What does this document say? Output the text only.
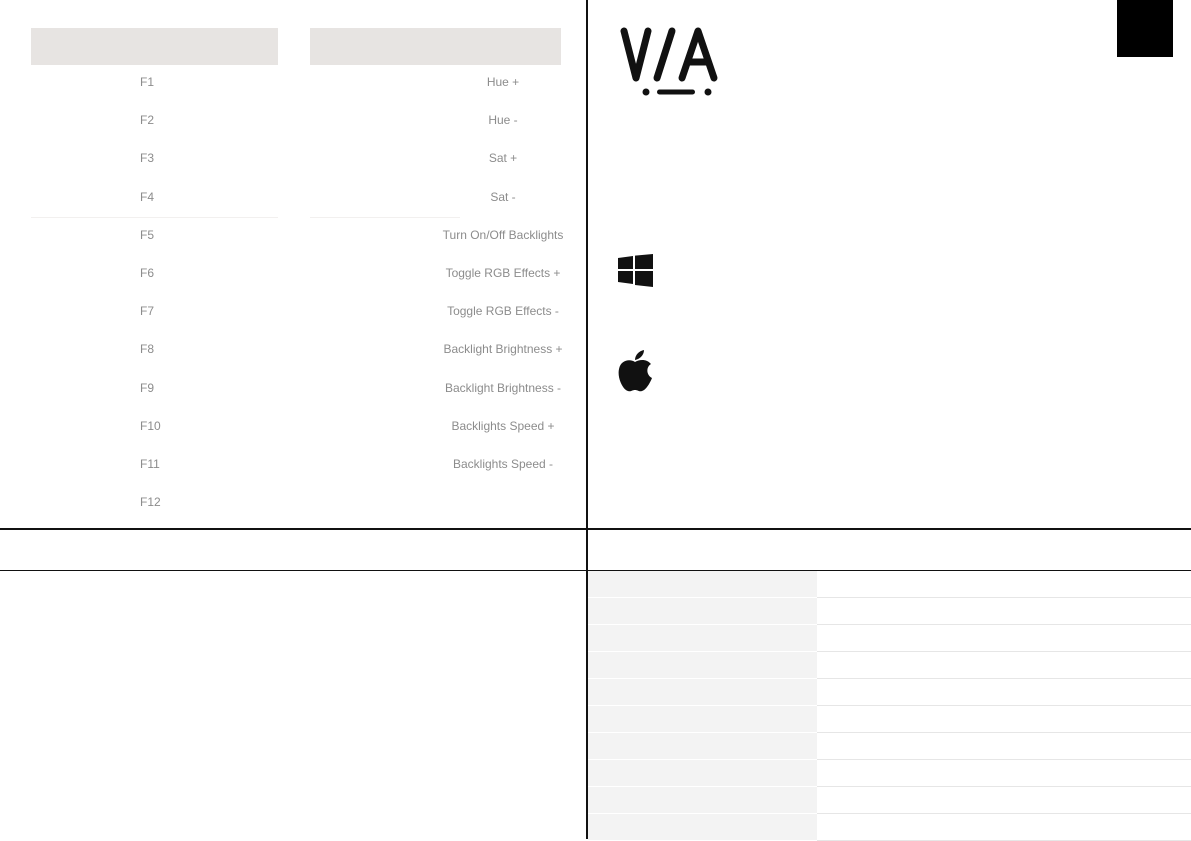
F1
F2
F3
F4
F5
F6
F7
F8
F9
F10
F11
F12
Hue +
Hue -
Sat +
Sat -
Turn On/Off Backlights
Toggle RGB Effects +
Toggle RGB Effects -
Backlight Brightness +
Backlight Brightness -
Backlights Speed +
Backlights Speed -
